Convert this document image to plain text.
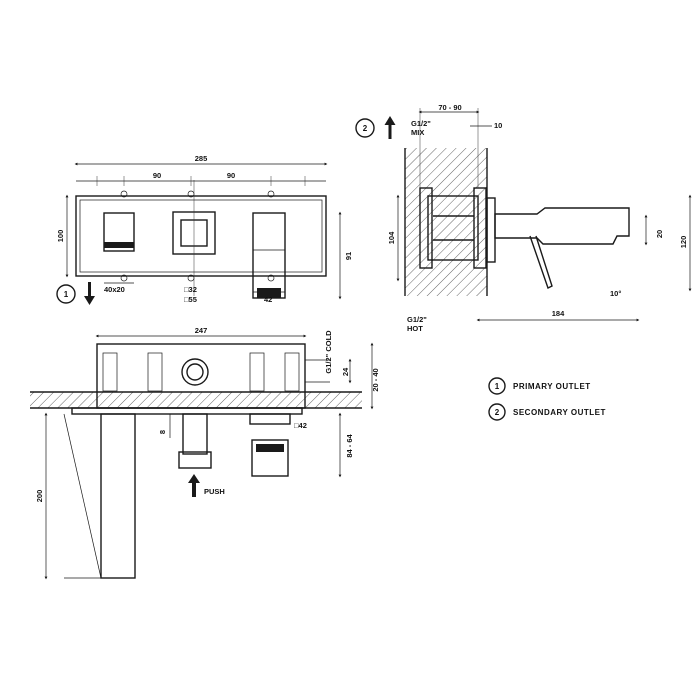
285
90	90
100
91
40x20	□32
□55	42
1
247	G1/2" COLD 24	20 - 40
8
□42
84 - 64
200	PUSH
70 - 90
10
G1/2"
MIX
104	120
20
10°
184
G1/2"
HOT
2
1 PRIMARY OUTLET
2 SECONDARY OUTLET
